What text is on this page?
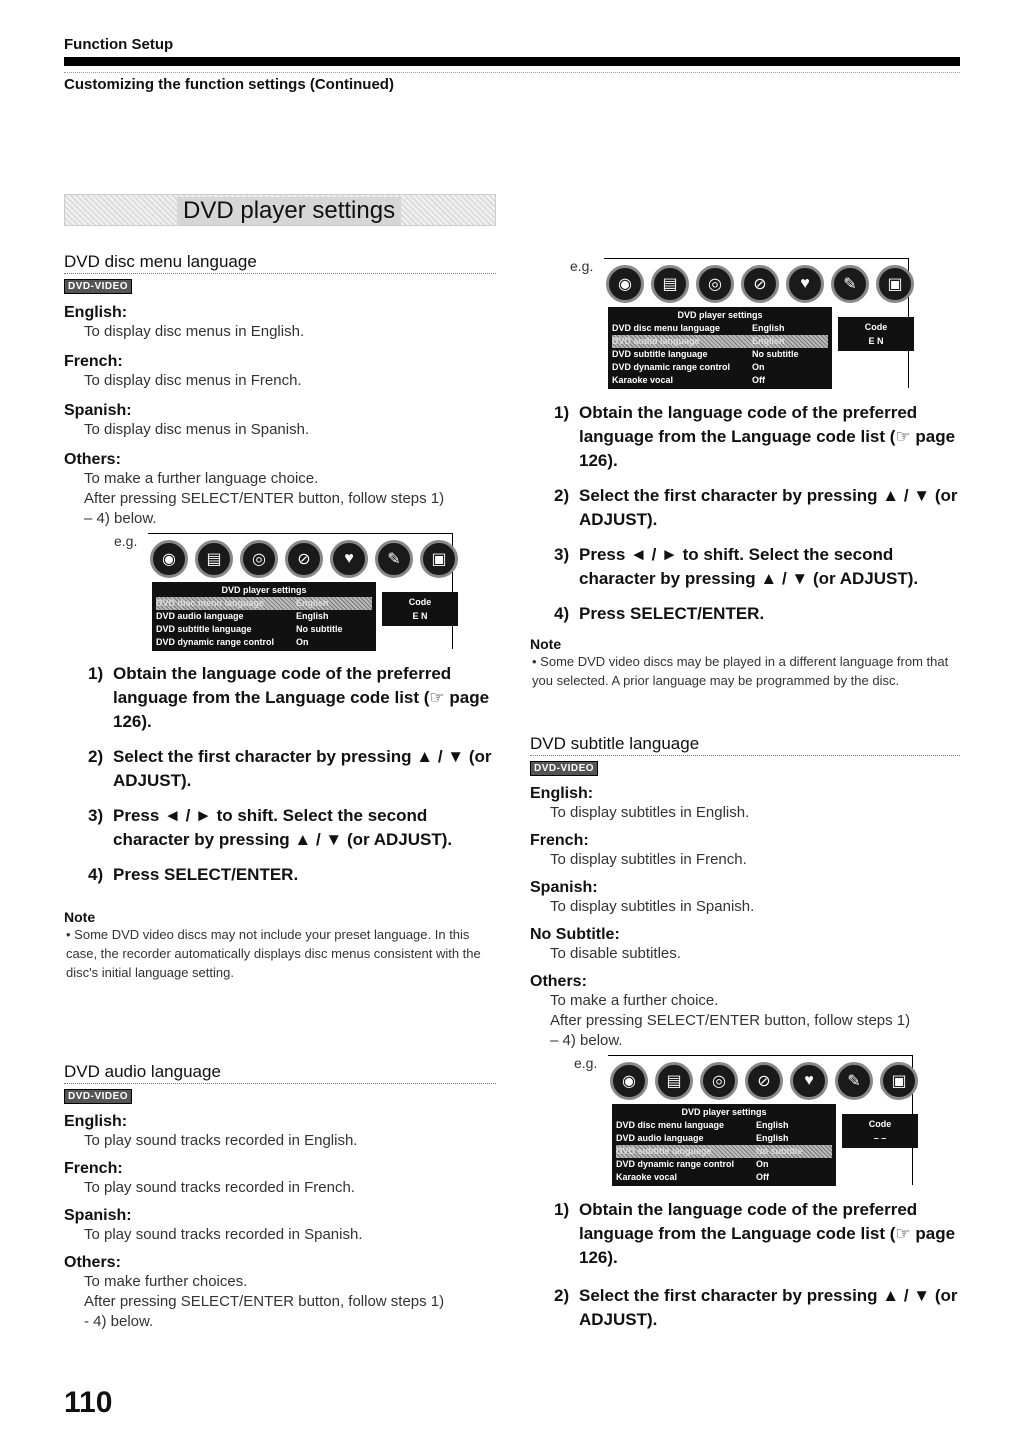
Function Setup
Customizing the function settings (Continued)
DVD player settings
DVD disc menu language
DVD-VIDEO
English:
To display disc menus in English.
French:
To display disc menus in French.
Spanish:
To display disc menus in Spanish.
Others:
To make a further language choice.
After pressing SELECT/ENTER button, follow steps 1)
– 4) below.
e.g.
◉	▤	◎	⊘	♥	✎	▣
DVD player settings
DVD disc menu language	English
DVD audio language	English
DVD subtitle language	No subtitle
DVD dynamic range control	On
Code
E N
1) Obtain the language code of the preferred language from the Language code list (☞ page 126).
2) Select the first character by pressing ▲ / ▼ (or ADJUST).
3) Press ◄ / ► to shift. Select the second character by pressing ▲ / ▼ (or ADJUST).
4) Press SELECT/ENTER.
Note
• Some DVD video discs may not include your preset language. In this case, the recorder automatically displays disc menus consistent with the disc's initial language setting.
DVD audio language
DVD-VIDEO
English:
To play sound tracks recorded in English.
French:
To play sound tracks recorded in French.
Spanish:
To play sound tracks recorded in Spanish.
Others:
To make further choices.
After pressing SELECT/ENTER button, follow steps 1)
- 4) below.
e.g.
◉	▤	◎	⊘	♥	✎	▣
DVD player settings
DVD disc menu language	English
DVD audio language	English
DVD subtitle language	No subtitle
DVD dynamic range control	On
Karaoke vocal	Off
Code
E N
1) Obtain the language code of the preferred language from the Language code list (☞ page 126).
2) Select the first character by pressing ▲ / ▼ (or ADJUST).
3) Press ◄ / ► to shift. Select the second character by pressing ▲ / ▼ (or ADJUST).
4) Press SELECT/ENTER.
Note
• Some DVD video discs may be played in a different language from that you selected. A prior language may be programmed by the disc.
DVD subtitle language
DVD-VIDEO
English:
To display subtitles in English.
French:
To display subtitles in French.
Spanish:
To display subtitles in Spanish.
No Subtitle:
To disable subtitles.
Others:
To make a further choice.
After pressing SELECT/ENTER button, follow steps 1)
– 4) below.
e.g.
◉	▤	◎	⊘	♥	✎	▣
DVD player settings
DVD disc menu language	English
DVD audio language	English
DVD subtitle language	No subtitle
DVD dynamic range control	On
Karaoke vocal	Off
Code
– –
1) Obtain the language code of the preferred language from the Language code list (☞ page 126).
2) Select the first character by pressing ▲ / ▼ (or ADJUST).
110
